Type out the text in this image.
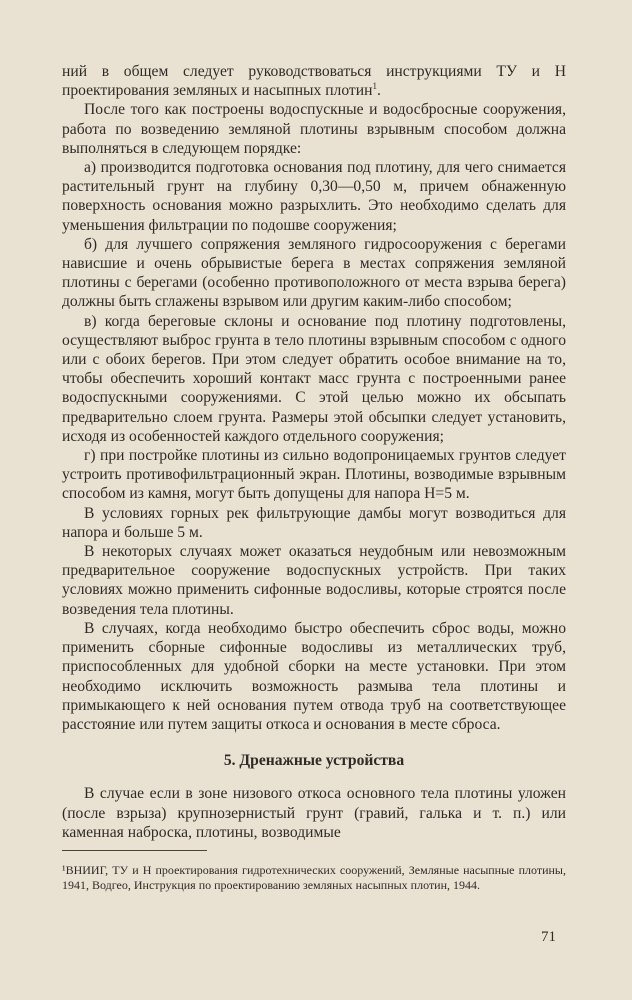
ний в общем следует руководствоваться инструкциями ТУ и Н проектирования земляных и насыпных плотин$^1$.

После того как построены водоспускные и водосбросные сооружения, работа по возведению земляной плотины взрывным способом должна выполняться в следующем порядке:

а) производится подготовка основания под плотину, для чего снимается растительный грунт на глубину 0,30—0,50 м, причем обнаженную поверхность основания можно разрыхлить. Это необходимо сделать для уменьшения фильтрации по подошве сооружения;

б) для лучшего сопряжения земляного гидросооружения с берегами нависшие и очень обрывистые берега в местах сопряжения земляной плотины с берегами (особенно противоположного от места взрыва берега) должны быть сглажены взрывом или другим каким-либо способом;

в) когда береговые склоны и основание под плотину подготовлены, осуществляют выброс грунта в тело плотины взрывным способом с одного или с обоих берегов. При этом следует обратить особое внимание на то, чтобы обеспечить хороший контакт масс грунта с построенными ранее водоспускными сооружениями. С этой целью можно их обсыпать предварительно слоем грунта. Размеры этой обсыпки следует установить, исходя из особенностей каждого отдельного сооружения;

г) при постройке плотины из сильно водопроницаемых грунтов следует устроить противофильтрационный экран. Плотины, возводимые взрывным способом из камня, могут быть допущены для напора H=5 м.

В условиях горных рек фильтрующие дамбы могут возводиться для напора и больше 5 м.

В некоторых случаях может оказаться неудобным или невозможным предварительное сооружение водоспускных устройств. При таких условиях можно применить сифонные водосливы, которые строятся после возведения тела плотины.

В случаях, когда необходимо быстро обеспечить сброс воды, можно применить сборные сифонные водосливы из металлических труб, приспособленных для удобной сборки на месте установки. При этом необходимо исключить возможность размыва тела плотины и примыкающего к ней основания путем отвода труб на соответствующее расстояние или путем защиты откоса и основания в месте сброса.

5. Дренажные устройства

В случае если в зоне низового откоса основного тела плотины уложен (после взрыза) крупнозернистый грунт (гравий, галька и т. п.) или каменная наброска, плотины, возводимые

¹ВНИИГ, ТУ и Н проектирования гидротехнических сооружений, Земляные насыпные плотины, 1941, Водгео, Инструкция по проектированию земляных насыпных плотин, 1944.

71
